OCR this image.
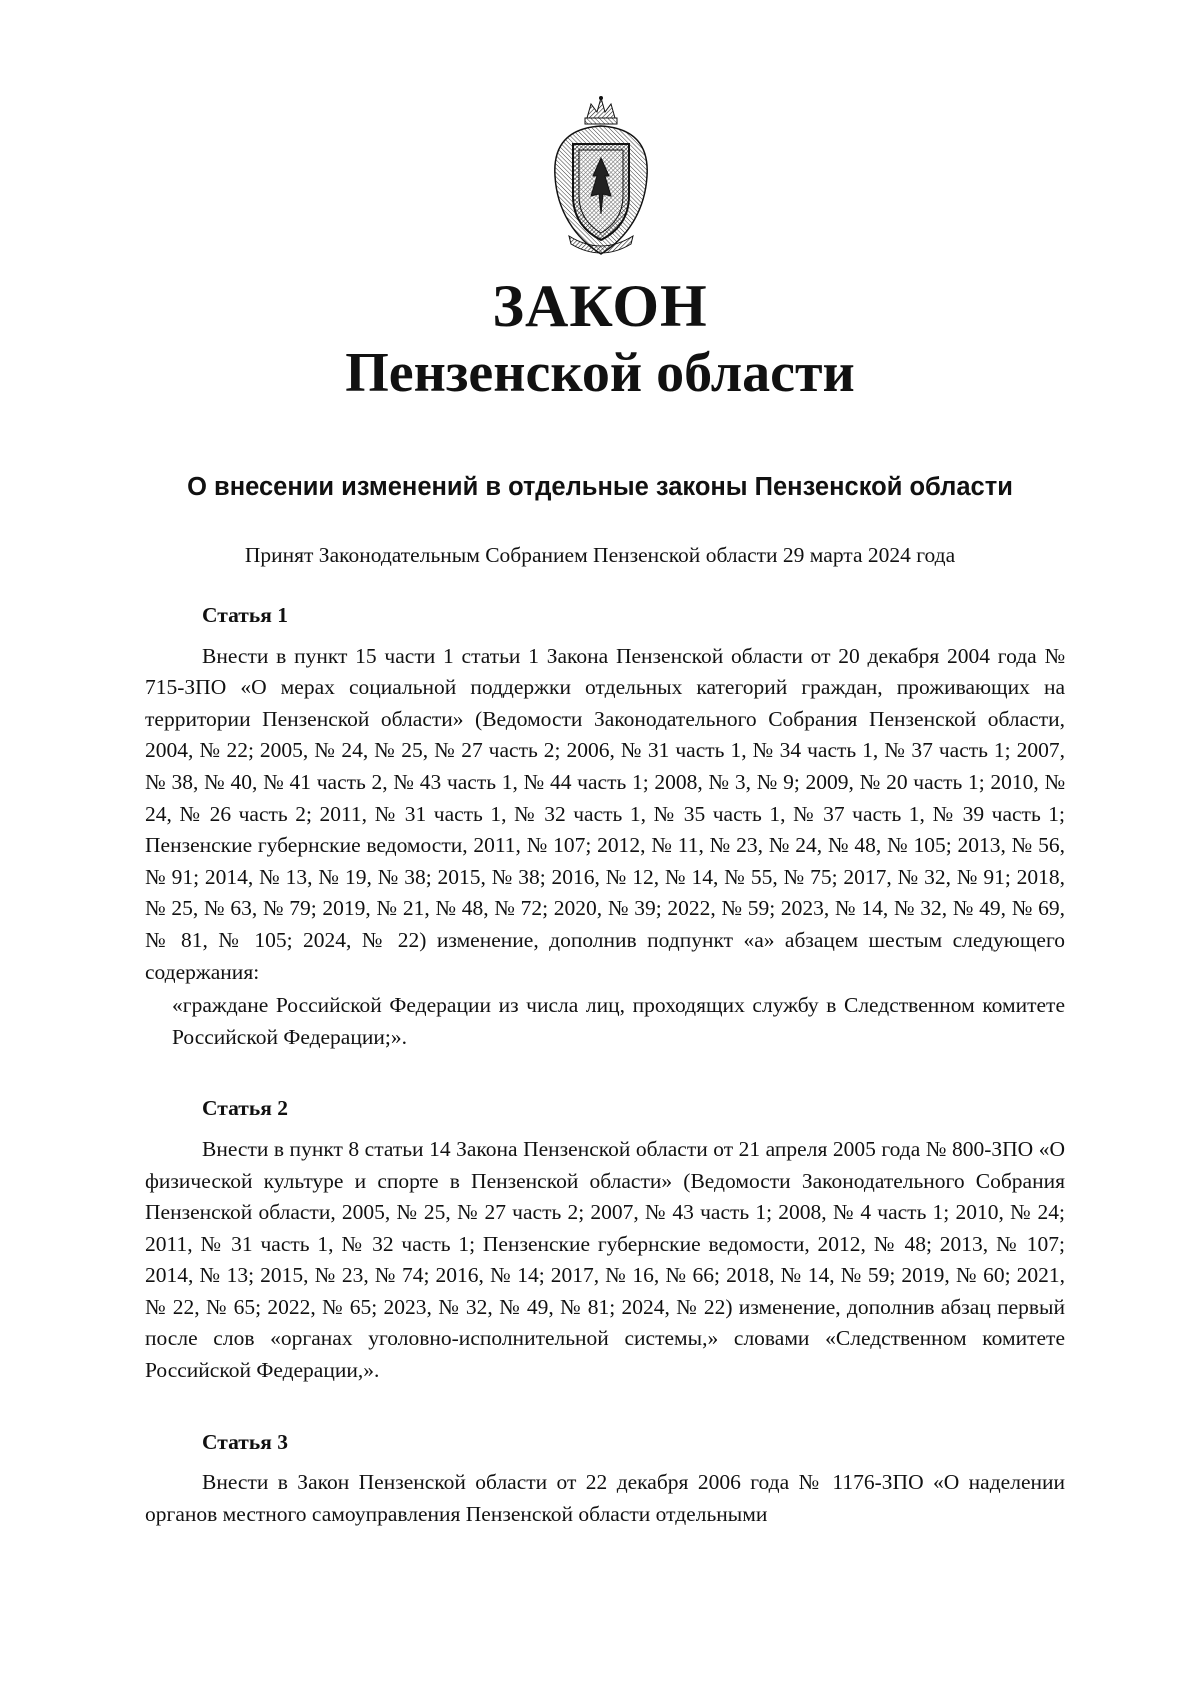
ЗАКОН
Пензенской области
О внесении изменений в отдельные законы Пензенской области
Принят Законодательным Собранием Пензенской области 29 марта 2024 года
Статья 1

Внести в пункт 15 части 1 статьи 1 Закона Пензенской области от 20 декабря 2004 года № 715-ЗПО «О мерах социальной поддержки отдельных категорий граждан, проживающих на территории Пензенской области» (Ведомости Законодательного Собрания Пензенской области, 2004, № 22; 2005, № 24, № 25, № 27 часть 2; 2006, № 31 часть 1, № 34 часть 1, № 37 часть 1; 2007, № 38, № 40, № 41 часть 2, № 43 часть 1, № 44 часть 1; 2008, № 3, № 9; 2009, № 20 часть 1; 2010, № 24, № 26 часть 2; 2011, № 31 часть 1, № 32 часть 1, № 35 часть 1, № 37 часть 1, № 39 часть 1; Пензенские губернские ведомости, 2011, № 107; 2012, № 11, № 23, № 24, № 48, № 105; 2013, № 56, № 91; 2014, № 13, № 19, № 38; 2015, № 38; 2016, № 12, № 14, № 55, № 75; 2017, № 32, № 91; 2018, № 25, № 63, № 79; 2019, № 21, № 48, № 72; 2020, № 39; 2022, № 59; 2023, № 14, № 32, № 49, № 69, № 81, № 105; 2024, № 22) изменение, дополнив подпункт «а» абзацем шестым следующего содержания:

«граждане Российской Федерации из числа лиц, проходящих службу в Следственном комитете Российской Федерации;».

Статья 2

Внести в пункт 8 статьи 14 Закона Пензенской области от 21 апреля 2005 года № 800-ЗПО «О физической культуре и спорте в Пензенской области» (Ведомости Законодательного Собрания Пензенской области, 2005, № 25, № 27 часть 2; 2007, № 43 часть 1; 2008, № 4 часть 1; 2010, № 24; 2011, № 31 часть 1, № 32 часть 1; Пензенские губернские ведомости, 2012, № 48; 2013, № 107; 2014, № 13; 2015, № 23, № 74; 2016, № 14; 2017, № 16, № 66; 2018, № 14, № 59; 2019, № 60; 2021, № 22, № 65; 2022, № 65; 2023, № 32, № 49, № 81; 2024, № 22) изменение, дополнив абзац первый после слов «органах уголовно-исполнительной системы,» словами «Следственном комитете Российской Федерации,».

Статья 3

Внести в Закон Пензенской области от 22 декабря 2006 года № 1176-ЗПО «О наделении органов местного самоуправления Пензенской области отдельными
